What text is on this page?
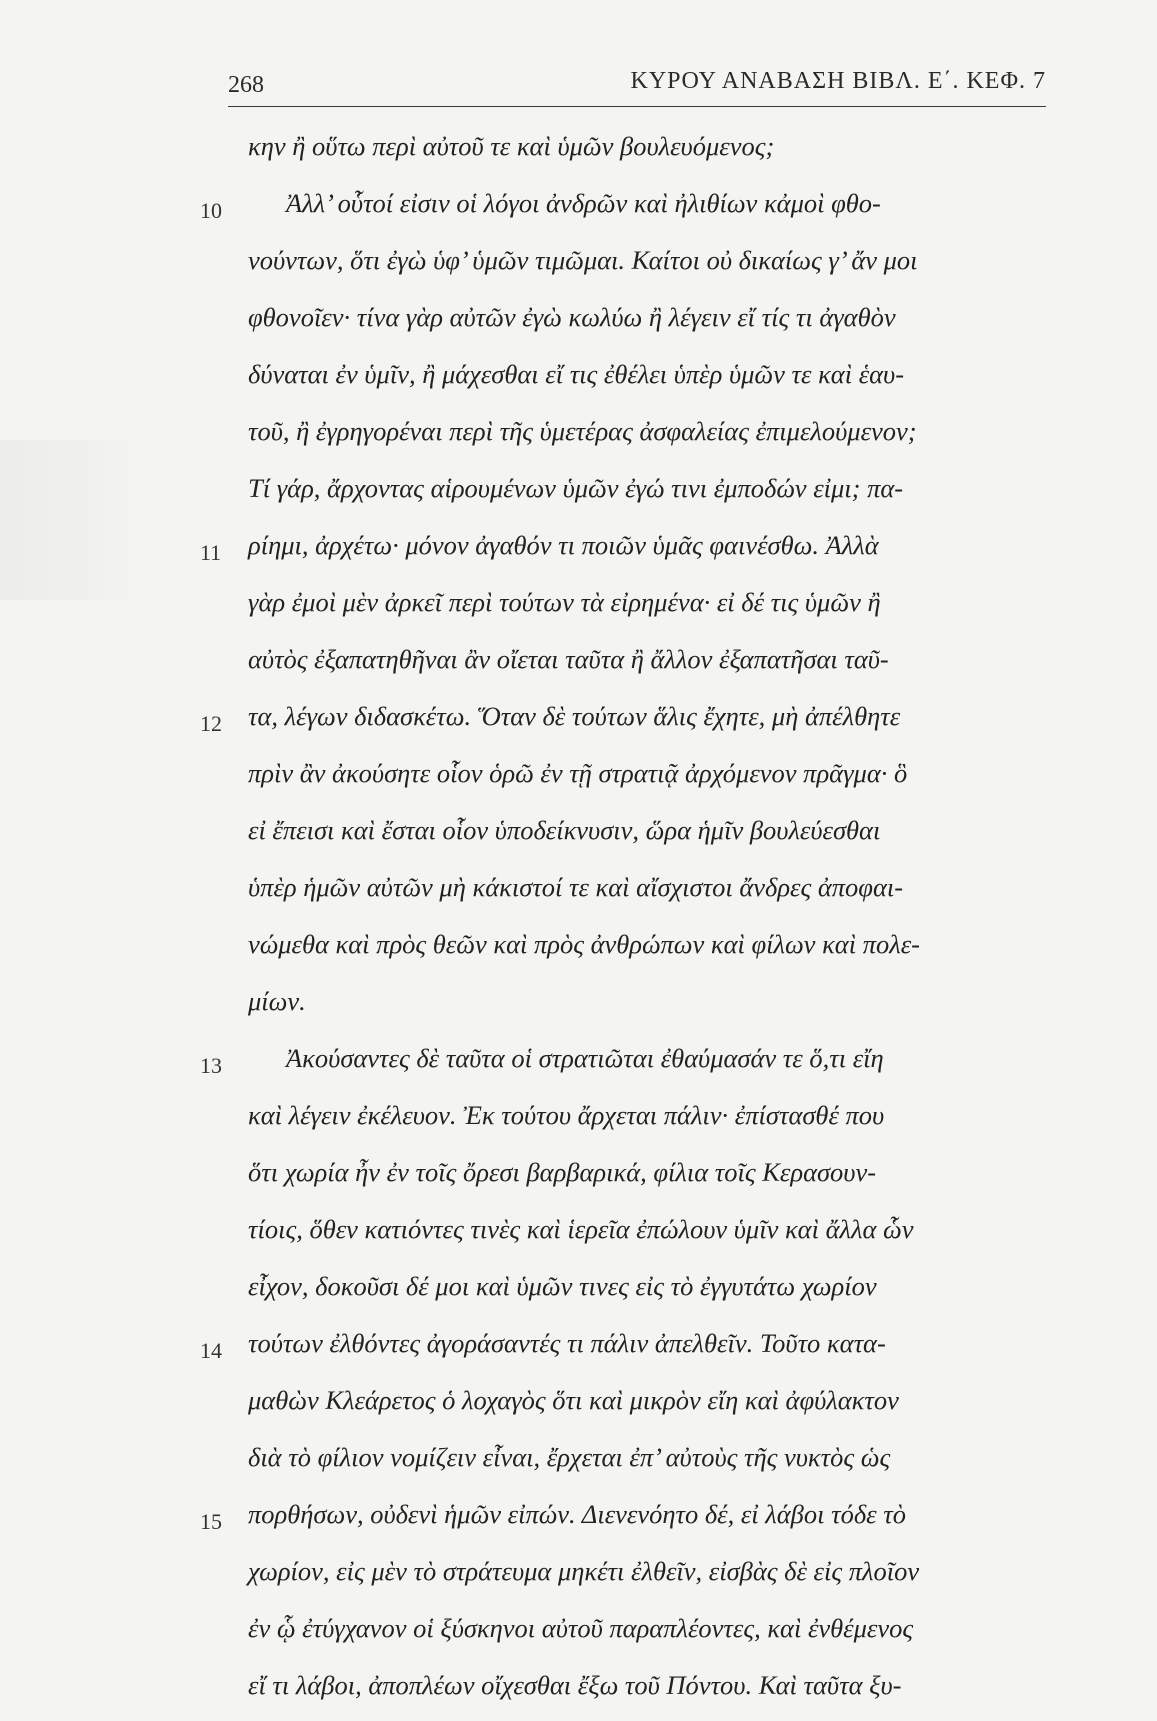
268	ΚΥΡΟΥ ΑΝΑΒΑΣΗ ΒΙΒΛ. Ε΄. ΚΕΦ. 7
10
11
12
13
14
15
κην ἢ οὕτω περὶ αὐτοῦ τε καὶ ὑμῶν βουλευόμενος;
Ἀλλ’ οὗτοί εἰσιν οἱ λόγοι ἀνδρῶν καὶ ἠλιθίων κἀμοὶ φθο-
νούντων, ὅτι ἐγὼ ὑφ’ ὑμῶν τιμῶμαι. Καίτοι οὐ δικαίως γ’ ἄν μοι
φθονοῖεν· τίνα γὰρ αὐτῶν ἐγὼ κωλύω ἢ λέγειν εἴ τίς τι ἀγαθὸν
δύναται ἐν ὑμῖν, ἢ μάχεσθαι εἴ τις ἐθέλει ὑπὲρ ὑμῶν τε καὶ ἑαυ-
τοῦ, ἢ ἐγρηγορέναι περὶ τῆς ὑμετέρας ἀσφαλείας ἐπιμελούμενον;
Τί γάρ, ἄρχοντας αἱρουμένων ὑμῶν ἐγώ τινι ἐμποδών εἰμι; πα-
ρίημι, ἀρχέτω· μόνον ἀγαθόν τι ποιῶν ὑμᾶς φαινέσθω. Ἀλλὰ
γὰρ ἐμοὶ μὲν ἀρκεῖ περὶ τούτων τὰ εἰρημένα· εἰ δέ τις ὑμῶν ἢ
αὐτὸς ἐξαπατηθῆναι ἂν οἴεται ταῦτα ἢ ἄλλον ἐξαπατῆσαι ταῦ-
τα, λέγων διδασκέτω. Ὅταν δὲ τούτων ἅλις ἔχητε, μὴ ἀπέλθητε
πρὶν ἂν ἀκούσητε οἷον ὁρῶ ἐν τῇ στρατιᾷ ἀρχόμενον πρᾶγμα· ὃ
εἰ ἔπεισι καὶ ἔσται οἷον ὑποδείκνυσιν, ὥρα ἡμῖν βουλεύεσθαι
ὑπὲρ ἡμῶν αὐτῶν μὴ κάκιστοί τε καὶ αἴσχιστοι ἄνδρες ἀποφαι-
νώμεθα καὶ πρὸς θεῶν καὶ πρὸς ἀνθρώπων καὶ φίλων καὶ πολε-
μίων.
Ἀκούσαντες δὲ ταῦτα οἱ στρατιῶται ἐθαύμασάν τε ὅ,τι εἴη
καὶ λέγειν ἐκέλευον. Ἐκ τούτου ἄρχεται πάλιν· ἐπίστασθέ που
ὅτι χωρία ἦν ἐν τοῖς ὄρεσι βαρβαρικά, φίλια τοῖς Κερασουν-
τίοις, ὅθεν κατιόντες τινὲς καὶ ἱερεῖα ἐπώλουν ὑμῖν καὶ ἄλλα ὧν
εἶχον, δοκοῦσι δέ μοι καὶ ὑμῶν τινες εἰς τὸ ἐγγυτάτω χωρίον
τούτων ἐλθόντες ἀγοράσαντές τι πάλιν ἀπελθεῖν. Τοῦτο κατα-
μαθὼν Κλεάρετος ὁ λοχαγὸς ὅτι καὶ μικρὸν εἴη καὶ ἀφύλακτον
διὰ τὸ φίλιον νομίζειν εἶναι, ἔρχεται ἐπ’ αὐτοὺς τῆς νυκτὸς ὡς
πορθήσων, οὐδενὶ ἡμῶν εἰπών. Διενενόητο δέ, εἰ λάβοι τόδε τὸ
χωρίον, εἰς μὲν τὸ στράτευμα μηκέτι ἐλθεῖν, εἰσβὰς δὲ εἰς πλοῖον
ἐν ᾧ ἐτύγχανον οἱ ξύσκηνοι αὐτοῦ παραπλέοντες, καὶ ἐνθέμενος
εἴ τι λάβοι, ἀποπλέων οἴχεσθαι ἔξω τοῦ Πόντου. Καὶ ταῦτα ξυ-
